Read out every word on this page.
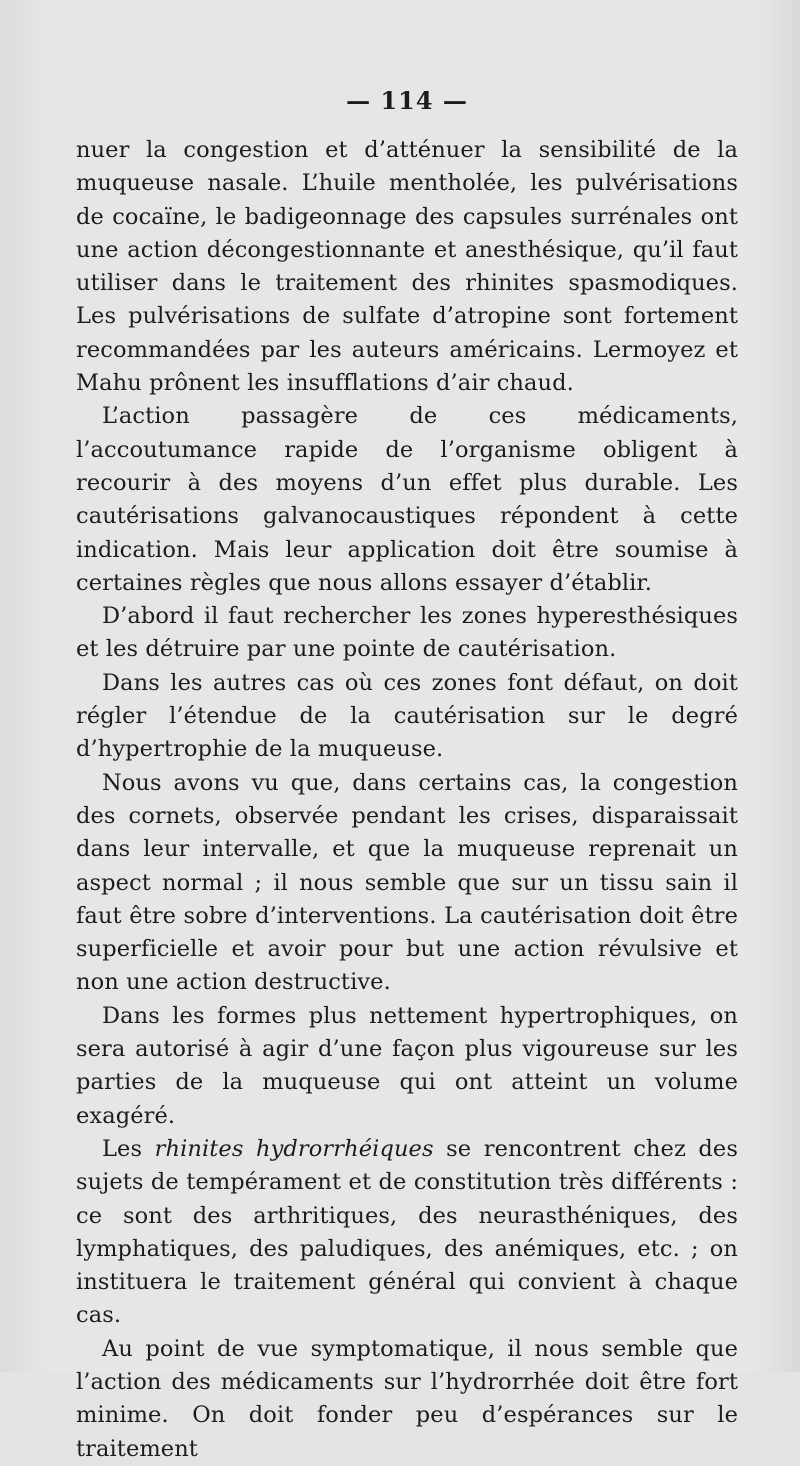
— 114 —

nuer la congestion et d’atténuer la sensibilité de la muqueuse nasale. L’huile mentholée, les pulvérisations de cocaïne, le badigeonnage des capsules surrénales ont une action décongestionnante et anesthésique, qu’il faut utiliser dans le traitement des rhinites spasmodiques. Les pulvérisations de sulfate d’atropine sont fortement recommandées par les auteurs américains. Lermoyez et Mahu prônent les insufflations d’air chaud.

L’action passagère de ces médicaments, l’accoutumance rapide de l’organisme obligent à recourir à des moyens d’un effet plus durable. Les cautérisations galvanocaustiques répondent à cette indication. Mais leur application doit être soumise à certaines règles que nous allons essayer d’établir.

D’abord il faut rechercher les zones hyperesthésiques et les détruire par une pointe de cautérisation.

Dans les autres cas où ces zones font défaut, on doit régler l’étendue de la cautérisation sur le degré d’hypertrophie de la muqueuse.

Nous avons vu que, dans certains cas, la congestion des cornets, observée pendant les crises, disparaissait dans leur intervalle, et que la muqueuse reprenait un aspect normal ; il nous semble que sur un tissu sain il faut être sobre d’interventions. La cautérisation doit être superficielle et avoir pour but une action révulsive et non une action destructive.

Dans les formes plus nettement hypertrophiques, on sera autorisé à agir d’une façon plus vigoureuse sur les parties de la muqueuse qui ont atteint un volume exagéré.

Les rhinites hydrorrhéiques se rencontrent chez des sujets de tempérament et de constitution très différents : ce sont des arthritiques, des neurasthéniques, des lymphatiques, des paludiques, des anémiques, etc. ; on instituera le traitement général qui convient à chaque cas.

Au point de vue symptomatique, il nous semble que l’action des médicaments sur l’hydrorrhée doit être fort minime. On doit fonder peu d’espérances sur le traitement
